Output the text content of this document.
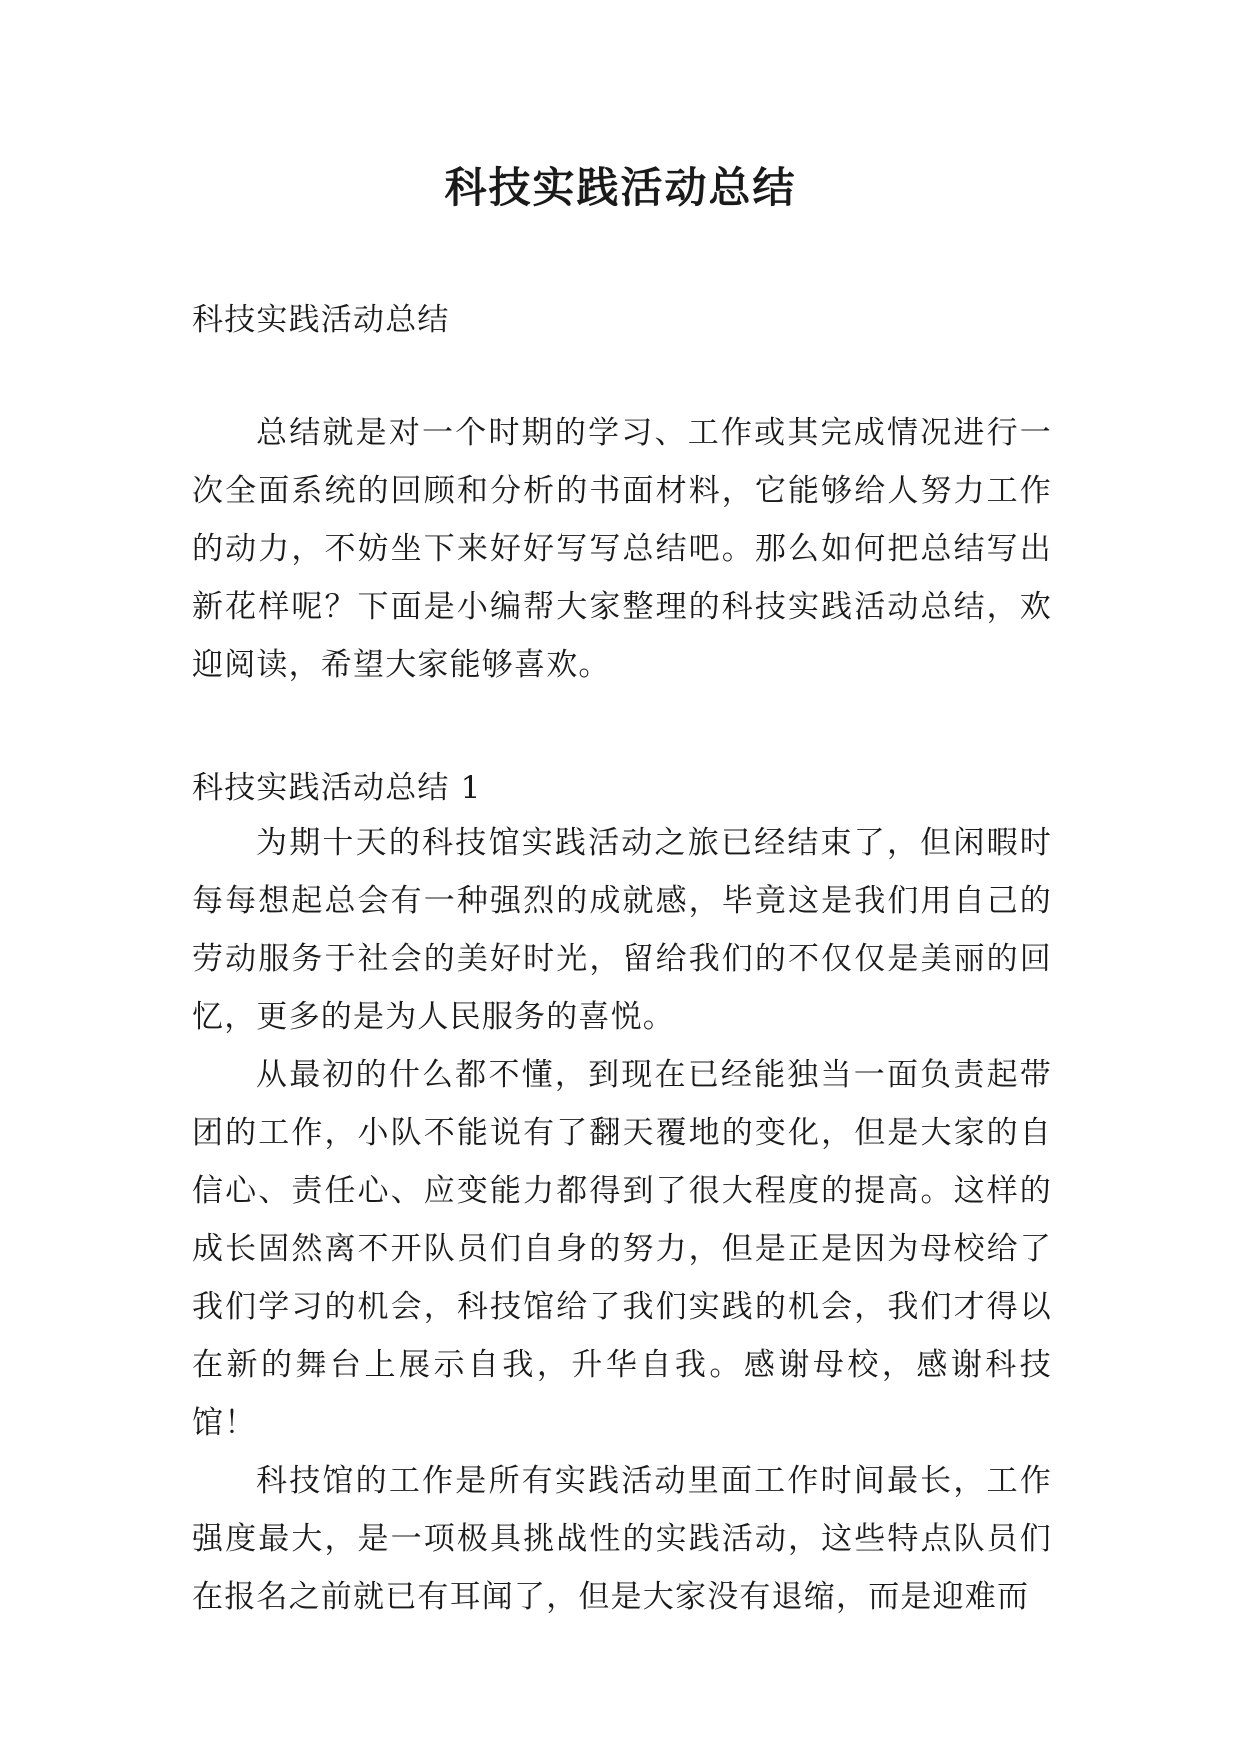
科技实践活动总结

科技实践活动总结

总结就是对一个时期的学习、工作或其完成情况进行一次全面系统的回顾和分析的书面材料，它能够给人努力工作的动力，不妨坐下来好好写写总结吧。那么如何把总结写出新花样呢？下面是小编帮大家整理的科技实践活动总结，欢迎阅读，希望大家能够喜欢。

科技实践活动总结 1

为期十天的科技馆实践活动之旅已经结束了，但闲暇时每每想起总会有一种强烈的成就感，毕竟这是我们用自己的劳动服务于社会的美好时光，留给我们的不仅仅是美丽的回忆，更多的是为人民服务的喜悦。

从最初的什么都不懂，到现在已经能独当一面负责起带团的工作，小队不能说有了翻天覆地的变化，但是大家的自信心、责任心、应变能力都得到了很大程度的提高。这样的成长固然离不开队员们自身的努力，但是正是因为母校给了我们学习的机会，科技馆给了我们实践的机会，我们才得以在新的舞台上展示自我，升华自我。感谢母校，感谢科技馆！

科技馆的工作是所有实践活动里面工作时间最长，工作强度最大，是一项极具挑战性的实践活动，这些特点队员们在报名之前就已有耳闻了，但是大家没有退缩，而是迎难而
